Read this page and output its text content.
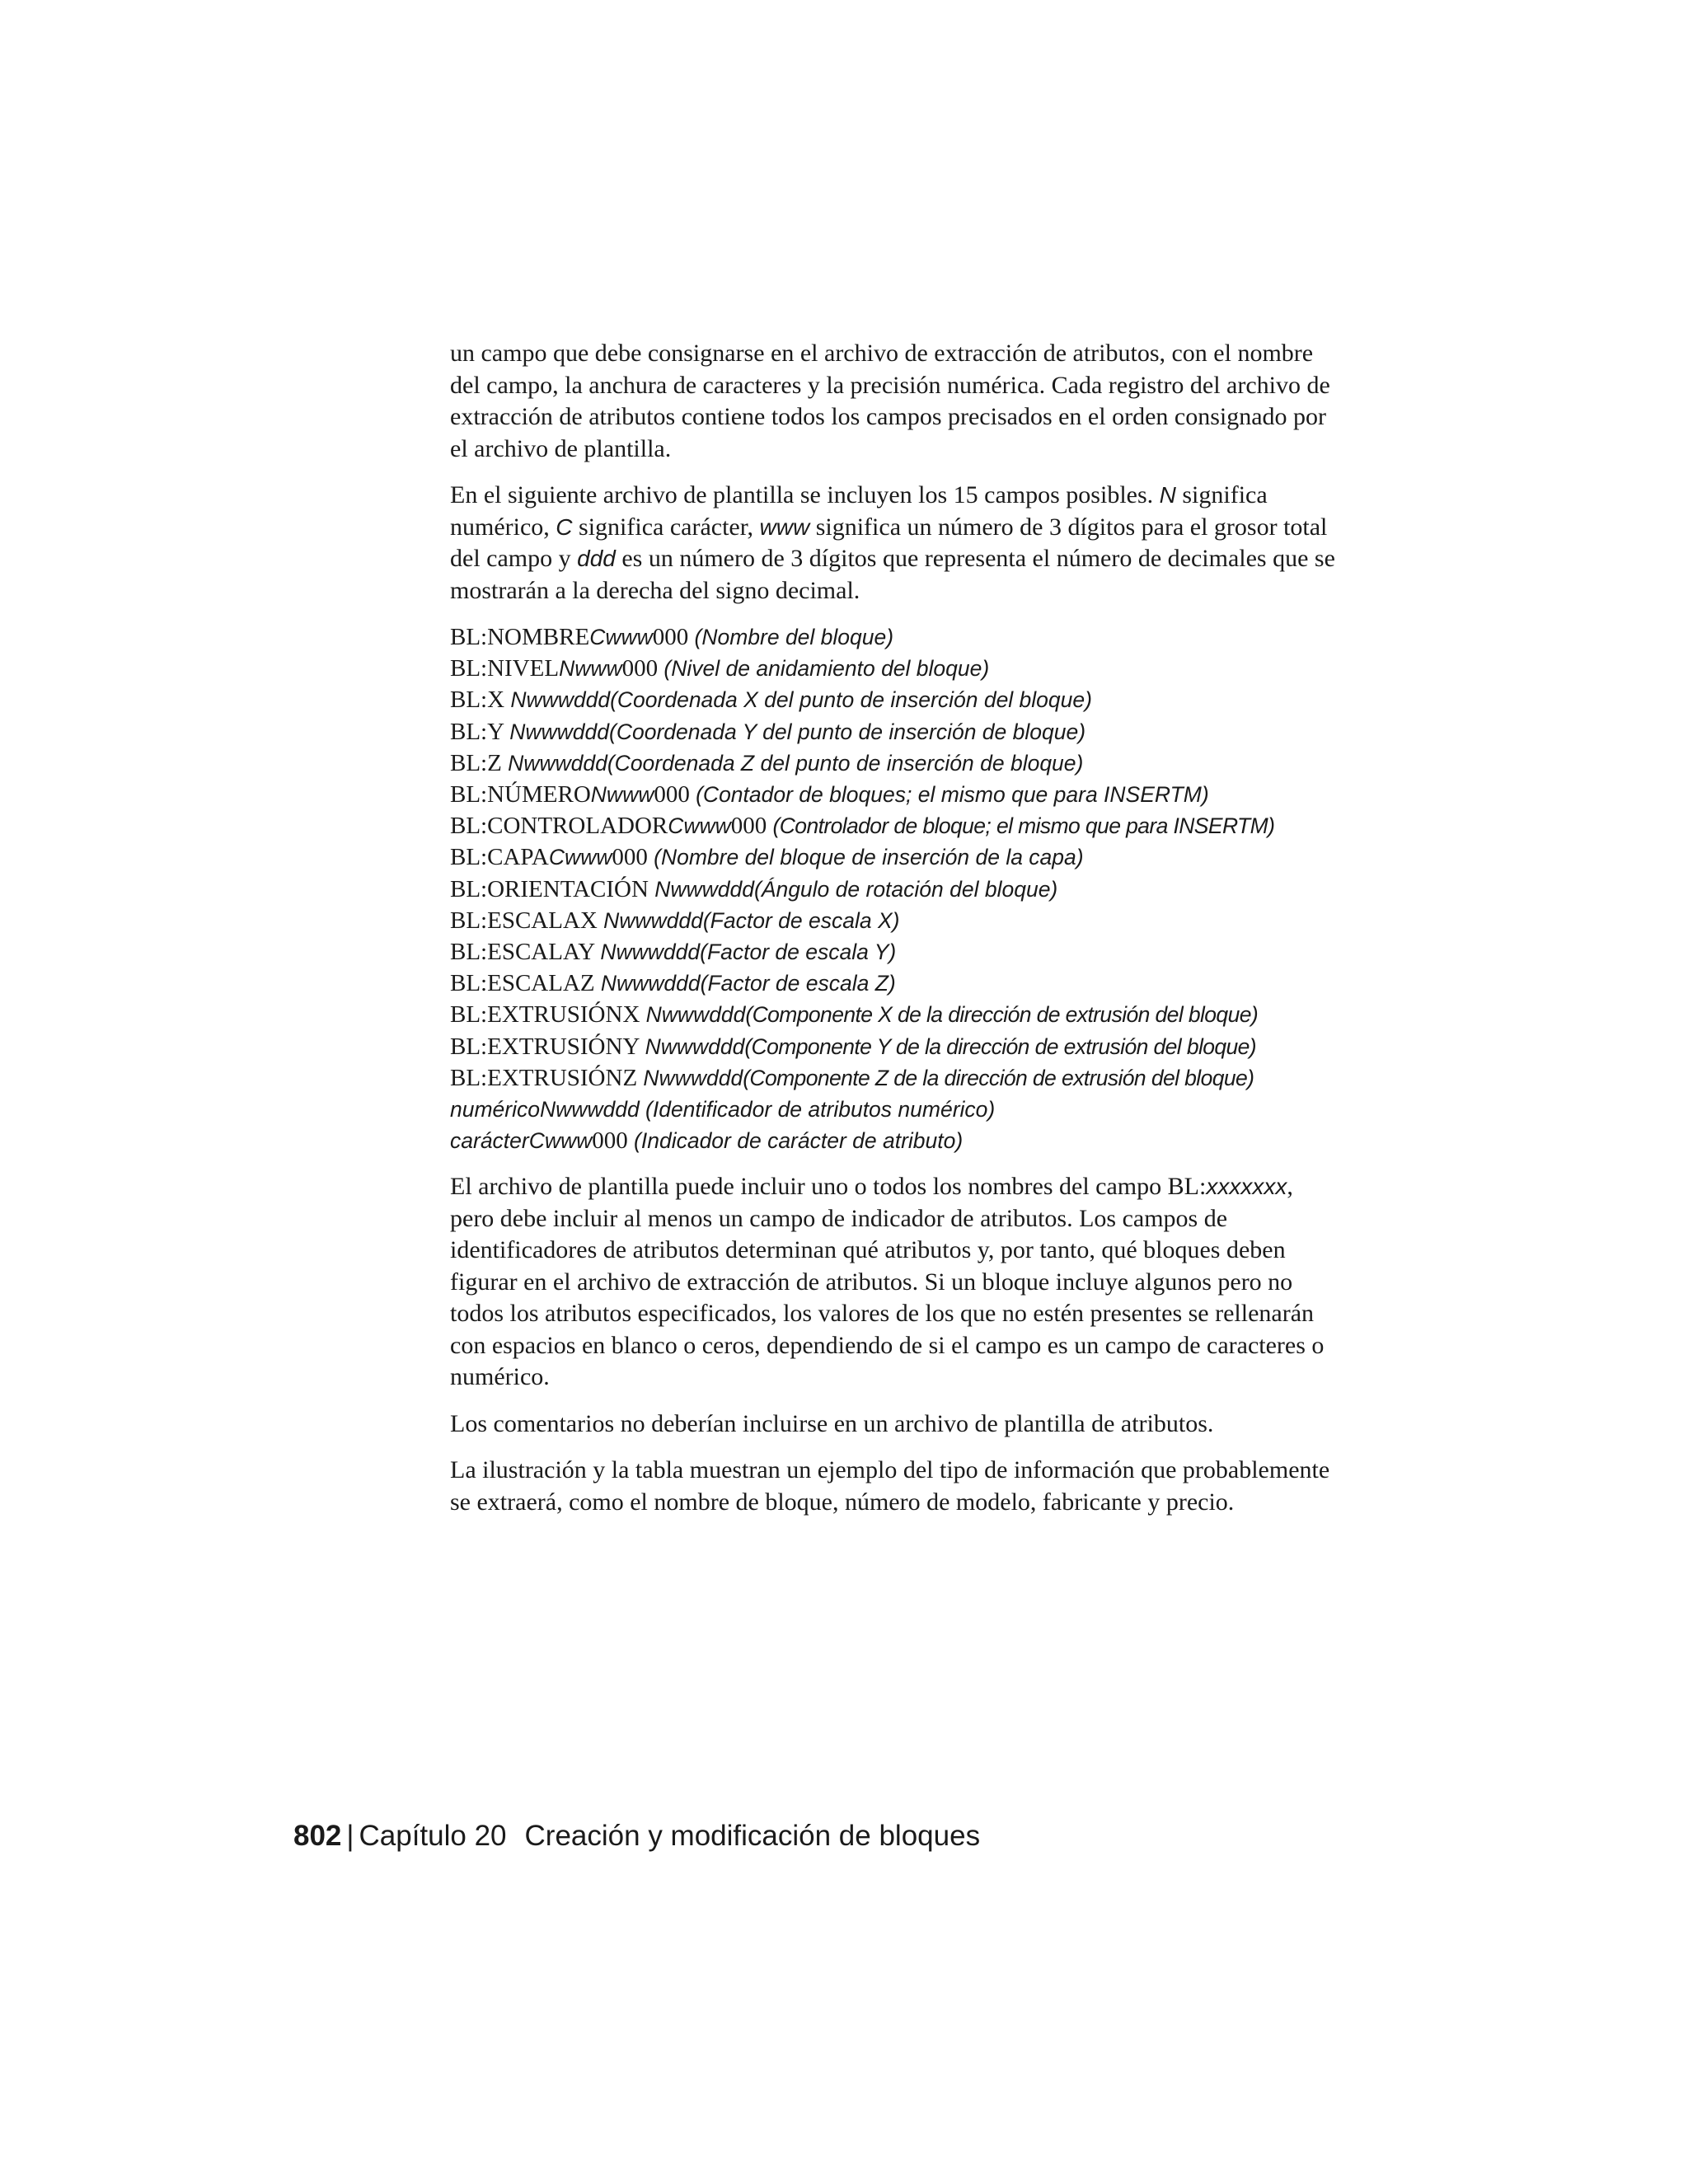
un campo que debe consignarse en el archivo de extracción de atributos, con el nombre del campo, la anchura de caracteres y la precisión numérica. Cada registro del archivo de extracción de atributos contiene todos los campos precisados en el orden consignado por el archivo de plantilla.

En el siguiente archivo de plantilla se incluyen los 15 campos posibles. N significa numérico, C significa carácter, www significa un número de 3 dígitos para el grosor total del campo y ddd es un número de 3 dígitos que representa el número de decimales que se mostrarán a la derecha del signo decimal.

BL:NOMBRECwww000 (Nombre del bloque)
BL:NIVELNwww000 (Nivel de anidamiento del bloque)
BL:X Nwwwddd(Coordenada X del punto de inserción del bloque)
BL:Y Nwwwddd(Coordenada Y del punto de inserción de bloque)
BL:Z Nwwwddd(Coordenada Z del punto de inserción de bloque)
BL:NÚMERONwww000 (Contador de bloques; el mismo que para INSERTM)
BL:CONTROLADORCwww000 (Controlador de bloque; el mismo que para INSERTM)
BL:CAPACwww000 (Nombre del bloque de inserción de la capa)
BL:ORIENTACIÓN Nwwwddd(Ángulo de rotación del bloque)
BL:ESCALAX Nwwwddd(Factor de escala X)
BL:ESCALAY Nwwwddd(Factor de escala Y)
BL:ESCALAZ Nwwwddd(Factor de escala Z)
BL:EXTRUSIÓNX Nwwwddd(Componente X de la dirección de extrusión del bloque)
BL:EXTRUSIÓNY Nwwwddd(Componente Y de la dirección de extrusión del bloque)
BL:EXTRUSIÓNZ Nwwwddd(Componente Z de la dirección de extrusión del bloque)
numéricoNwwwddd (Identificador de atributos numérico)
carácterCwww000 (Indicador de carácter de atributo)

El archivo de plantilla puede incluir uno o todos los nombres del campo BL:xxxxxxx, pero debe incluir al menos un campo de indicador de atributos. Los campos de identificadores de atributos determinan qué atributos y, por tanto, qué bloques deben figurar en el archivo de extracción de atributos. Si un bloque incluye algunos pero no todos los atributos especificados, los valores de los que no estén presentes se rellenarán con espacios en blanco o ceros, dependiendo de si el campo es un campo de caracteres o numérico.

Los comentarios no deberían incluirse en un archivo de plantilla de atributos.

La ilustración y la tabla muestran un ejemplo del tipo de información que probablemente se extraerá, como el nombre de bloque, número de modelo, fabricante y precio.

802 | Capítulo 20 Creación y modificación de bloques
